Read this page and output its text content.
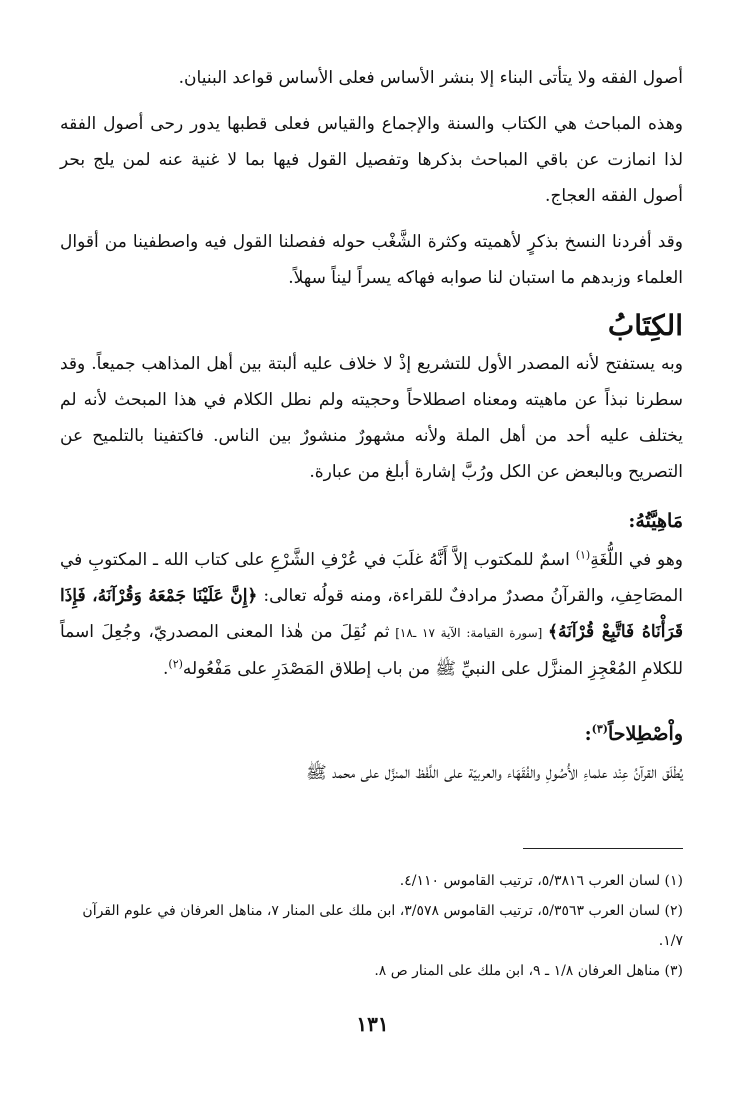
أصول الفقه ولا يتأتى البناء إلا بنشر الأساس فعلى الأساس قواعد البنيان.

وهذه المباحث هي الكتاب والسنة والإجماع والقياس فعلى قطبها يدور رحى أصول الفقه لذا انمازت عن باقي المباحث بذكرها وتفصيل القول فيها بما لا غنية عنه لمن يلج بحر أصول الفقه العجاج.

وقد أفردنا النسخ بذكرٍ لأهميته وكثرة الشَّغْب حوله ففصلنا القول فيه واصطفينا من أقوال العلماء وزبدهم ما استبان لنا صوابه فهاكه يسراً ليناً سهلاً.

الكِتَابُ

وبه يستفتح لأنه المصدر الأول للتشريع إذْ لا خلاف عليه ألبتة بين أهل المذاهب جميعاً. وقد سطرنا نبذاً عن ماهيته ومعناه اصطلاحاً وحجيته ولم نطل الكلام في هذا المبحث لأنه لم يختلف عليه أحد من أهل الملة ولأنه مشهورٌ منشورٌ بين الناس. فاكتفينا بالتلميح عن التصريح وبالبعض عن الكل ورُبَّ إشارة أبلغ من عبارة.

مَاهِيَّتُهُ:

وهو في اللُّغَةِ$^{(١)}$ اسمٌ للمكتوب إلاَّ أَنَّهُ غلَبَ في عُرْفِ الشَّرْعِ على كتاب الله ـ المكتوبِ في المصَاحِفِ، والقرآنُ مصدرٌ مرادفٌ للقراءة، ومنه قولُه تعالى: ﴿إِنَّ عَلَيْنَا جَمْعَهُ وَقُرْآنَهُ، فَإِذَا قَرَأْنَاهُ فَاتَّبِعْ قُرْآنَهُ﴾ [سورة القيامة: الآية ١٧ ـ١٨] ثم نُقِلَ من هٰذا المعنى المصدريّ، وجُعِلَ اسماً للكلامِ المُعْجِزِ المنزَّل على النبيِّ ﷺ من باب إطلاق المَصْدَرِ على مَفْعُوله$^{(٢)}$.

واْصْطِلاحاً$^{(٣)}$:

يُطْلَق القرآنُ عِنْد علماءِ الأُصُولِ والفُقَهَاء والعربيّة على اللَّفْظ المنزَّل على محمد ﷺ

(١) لسان العرب ٥/٣٨١٦، ترتيب القاموس ٤/١١٠.

(٢) لسان العرب ٥/٣٥٦٣، ترتيب القاموس ٣/٥٧٨، ابن ملك على المنار ٧، مناهل العرفان في علوم القرآن ١/٧.

(٣) مناهل العرفان ١/٨ ـ ٩، ابن ملك على المنار ص ٨.

١٣١
